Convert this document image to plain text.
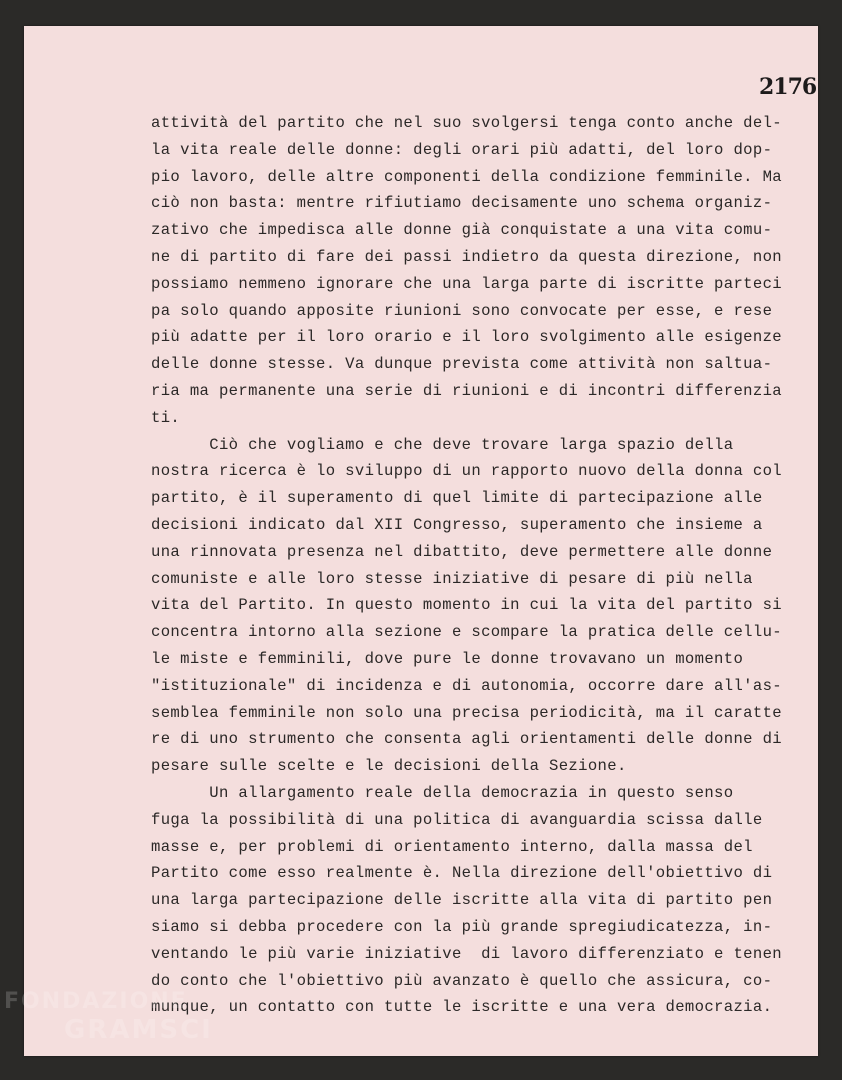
2176
attività del partito che nel suo svolgersi tenga conto anche del-
la vita reale delle donne: degli orari più adatti, del loro dop-
pio lavoro, delle altre componenti della condizione femminile. Ma
ciò non basta: mentre rifiutiamo decisamente uno schema organiz-
zativo che impedisca alle donne già conquistate a una vita comu-
ne di partito di fare dei passi indietro da questa direzione, non
possiamo nemmeno ignorare che una larga parte di iscritte parteci
pa solo quando apposite riunioni sono convocate per esse, e rese
più adatte per il loro orario e il loro svolgimento alle esigenze
delle donne stesse. Va dunque prevista come attività non saltua-
ria ma permanente una serie di riunioni e di incontri differenzia
ti.
Ciò che vogliamo e che deve trovare larga spazio della
nostra ricerca è lo sviluppo di un rapporto nuovo della donna col
partito, è il superamento di quel limite di partecipazione alle
decisioni indicato dal XII Congresso, superamento che insieme a
una rinnovata presenza nel dibattito, deve permettere alle donne
comuniste e alle loro stesse iniziative di pesare di più nella
vita del Partito. In questo momento in cui la vita del partito si
concentra intorno alla sezione e scompare la pratica delle cellu-
le miste e femminili, dove pure le donne trovavano un momento
"istituzionale" di incidenza e di autonomia, occorre dare all'as-
semblea femminile non solo una precisa periodicità, ma il caratte
re di uno strumento che consenta agli orientamenti delle donne di
pesare sulle scelte e le decisioni della Sezione.
Un allargamento reale della democrazia in questo senso
fuga la possibilità di una politica di avanguardia scissa dalle
masse e, per problemi di orientamento interno, dalla massa del
Partito come esso realmente è. Nella direzione dell'obiettivo di
una larga partecipazione delle iscritte alla vita di partito pen
siamo si debba procedere con la più grande spregiudicatezza, in-
ventando le più varie iniziative  di lavoro differenziato e tenen
do conto che l'obiettivo più avanzato è quello che assicura, co-
munque, un contatto con tutte le iscritte e una vera democrazia.
FONDAZIONE
GRAMSCI
